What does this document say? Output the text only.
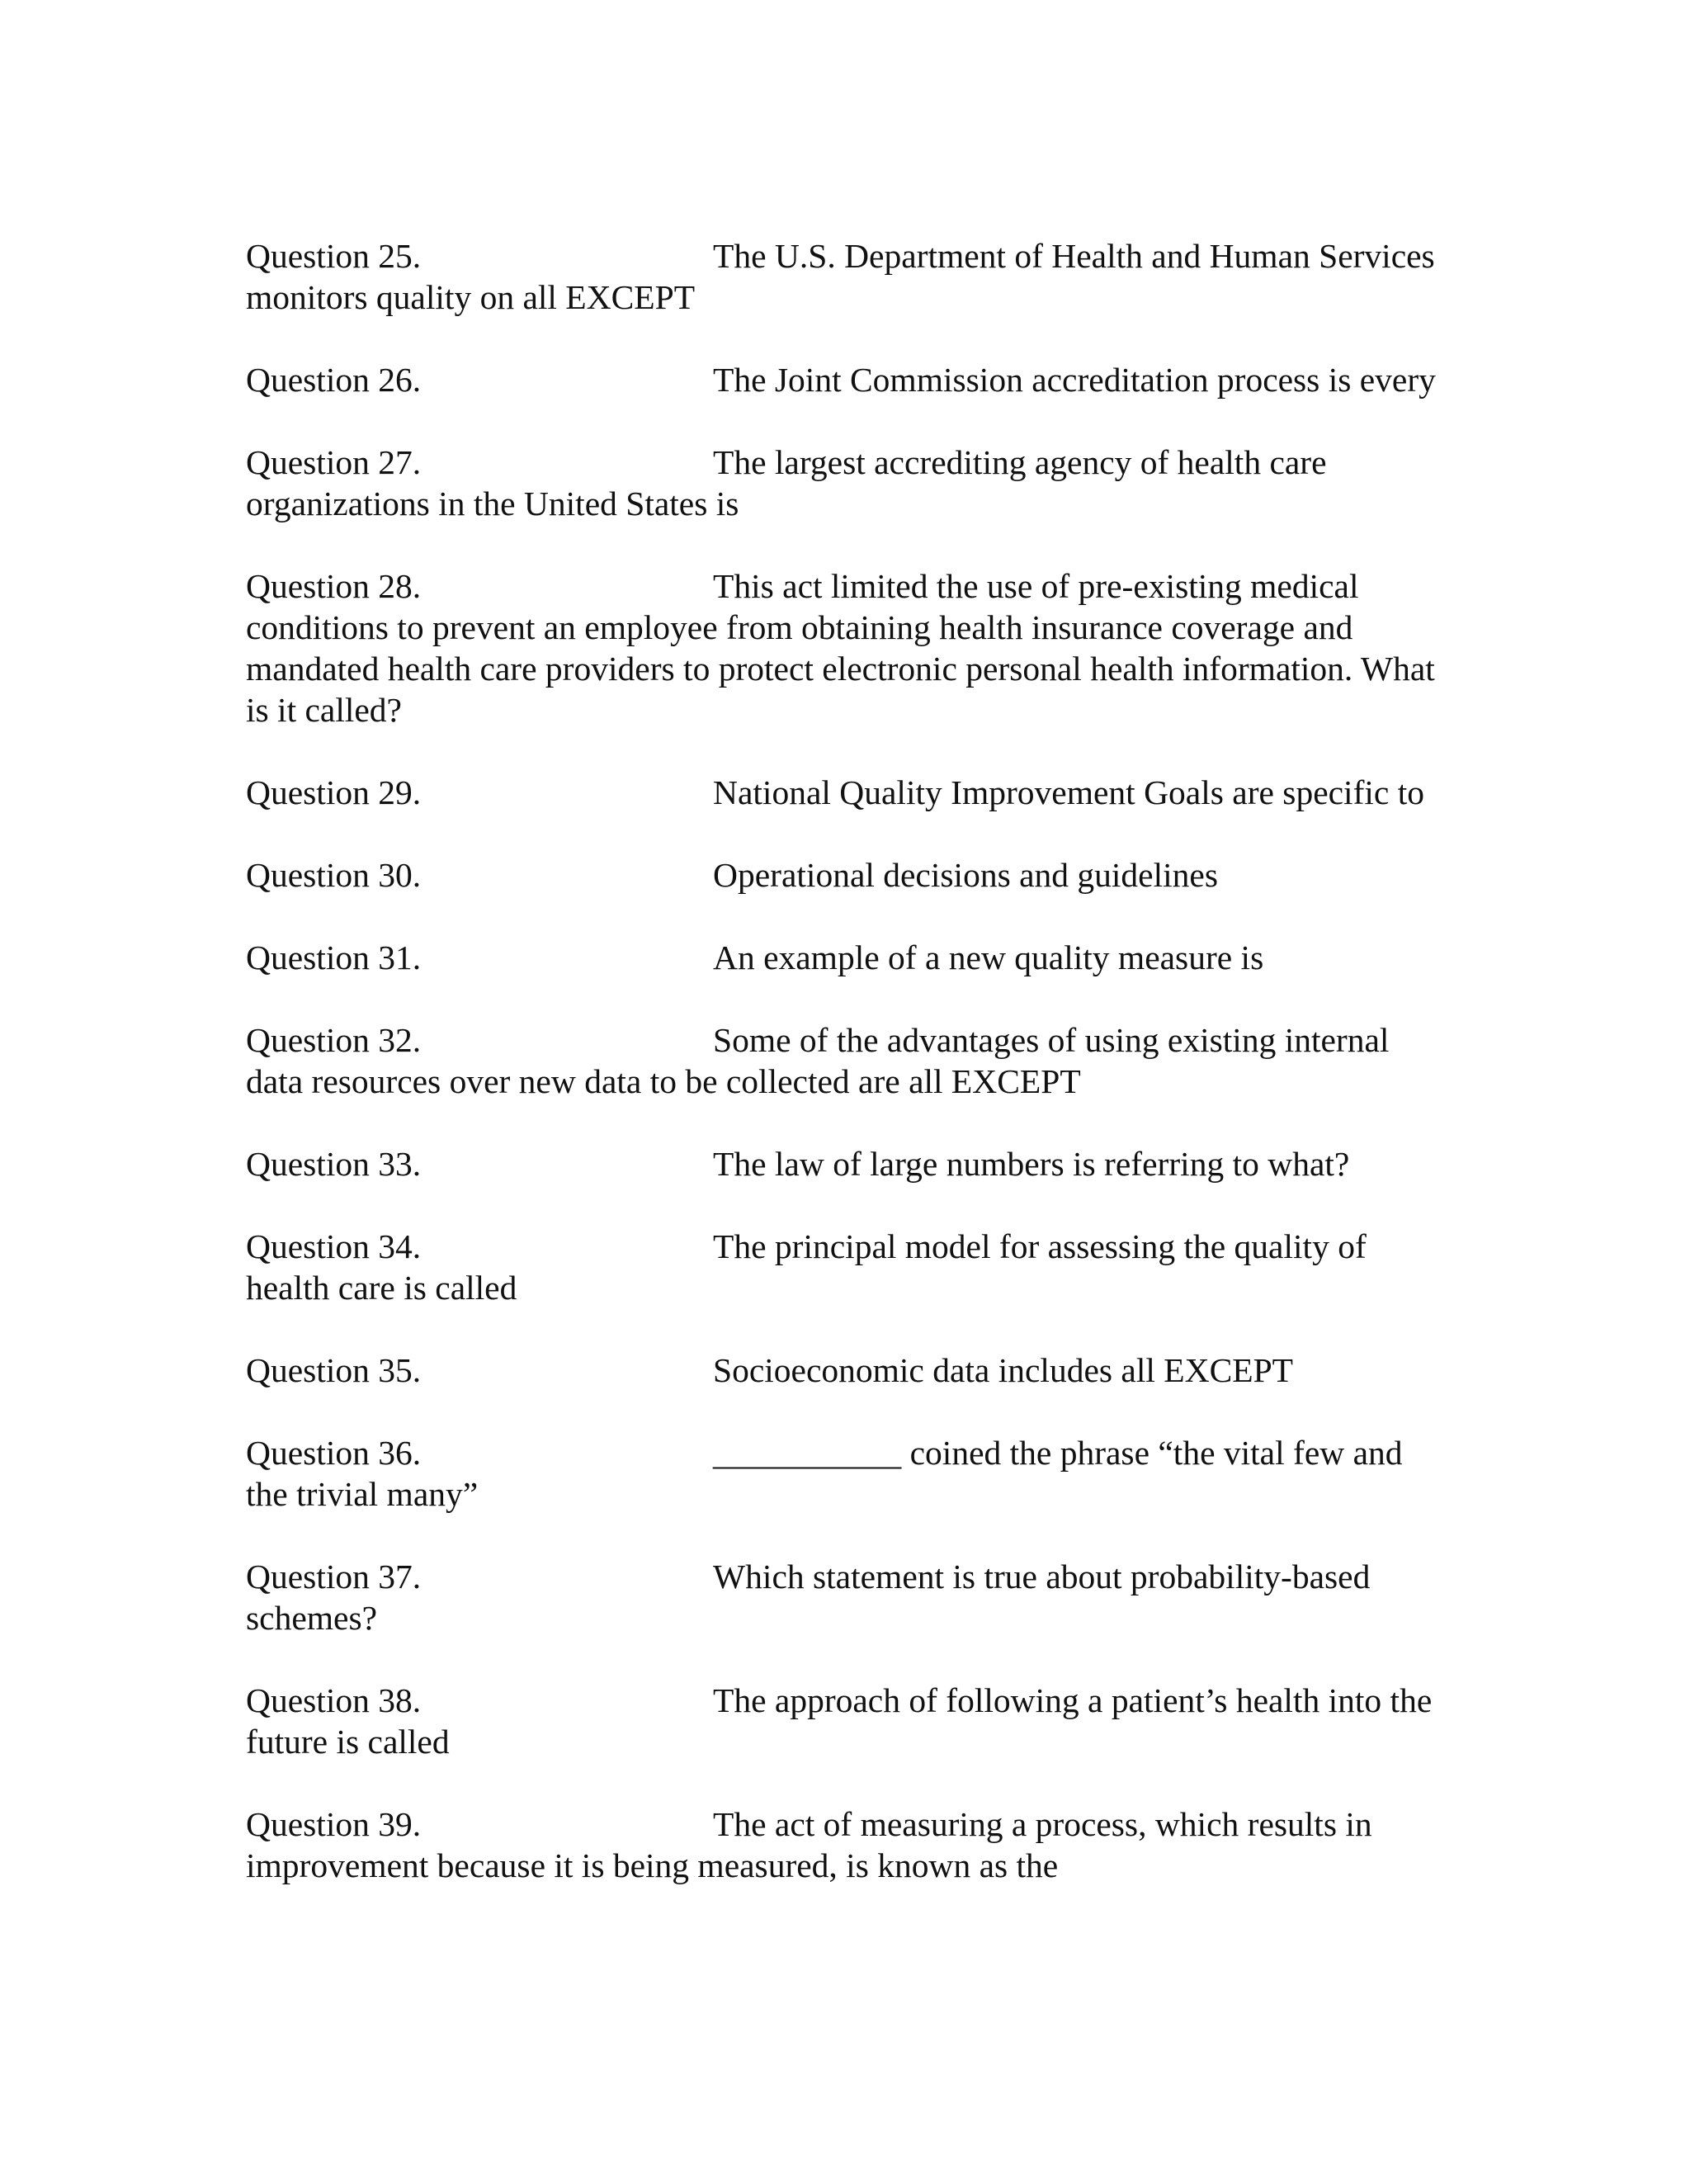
Question 25.	The U.S. Department of Health and Human Services monitors quality on all EXCEPT
Question 26.	The Joint Commission accreditation process is every
Question 27.	The largest accrediting agency of health care organizations in the United States is
Question 28.	This act limited the use of pre-existing medical conditions to prevent an employee from obtaining health insurance coverage and mandated health care providers to protect electronic personal health information. What is it called?
Question 29.	National Quality Improvement Goals are specific to
Question 30.	Operational decisions and guidelines
Question 31.	An example of a new quality measure is
Question 32.	Some of the advantages of using existing internal data resources over new data to be collected are all EXCEPT
Question 33.	The law of large numbers is referring to what?
Question 34.	The principal model for assessing the quality of health care is called
Question 35.	Socioeconomic data includes all EXCEPT
Question 36.	___________ coined the phrase “the vital few and the trivial many”
Question 37.	Which statement is true about probability-based schemes?
Question 38.	The approach of following a patient’s health into the future is called
Question 39.	The act of measuring a process, which results in improvement because it is being measured, is known as the
